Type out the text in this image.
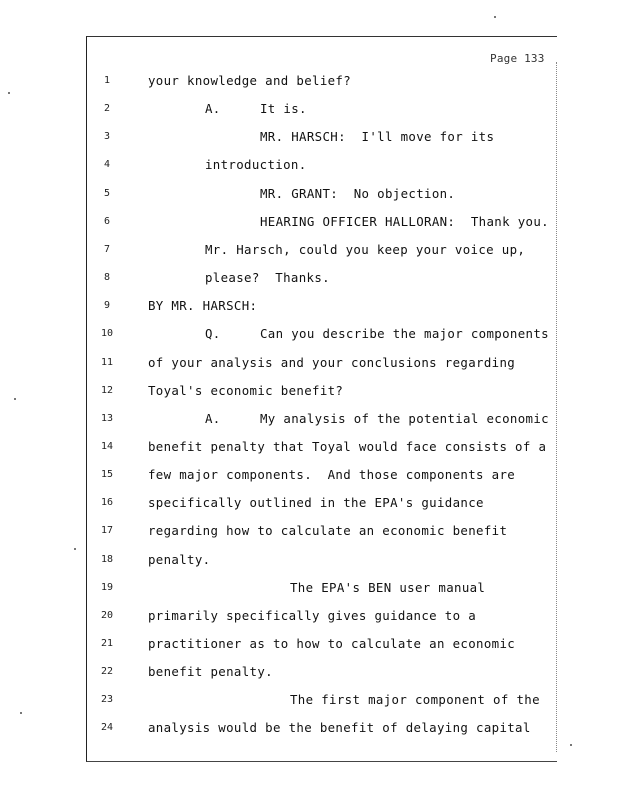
Page 133
1	your knowledge and belief?
2	A.	It is.
3	MR. HARSCH:  I'll move for its
4	introduction.
5	MR. GRANT:  No objection.
6	HEARING OFFICER HALLORAN:  Thank you.
7	Mr. Harsch, could you keep your voice up,
8	please?  Thanks.
9	BY MR. HARSCH:
10	Q.	Can you describe the major components
11	of your analysis and your conclusions regarding
12	Toyal's economic benefit?
13	A.	My analysis of the potential economic
14	benefit penalty that Toyal would face consists of a
15	few major components.  And those components are
16	specifically outlined in the EPA's guidance
17	regarding how to calculate an economic benefit
18	penalty.
19	The EPA's BEN user manual
20	primarily specifically gives guidance to a
21	practitioner as to how to calculate an economic
22	benefit penalty.
23	The first major component of the
24	analysis would be the benefit of delaying capital
